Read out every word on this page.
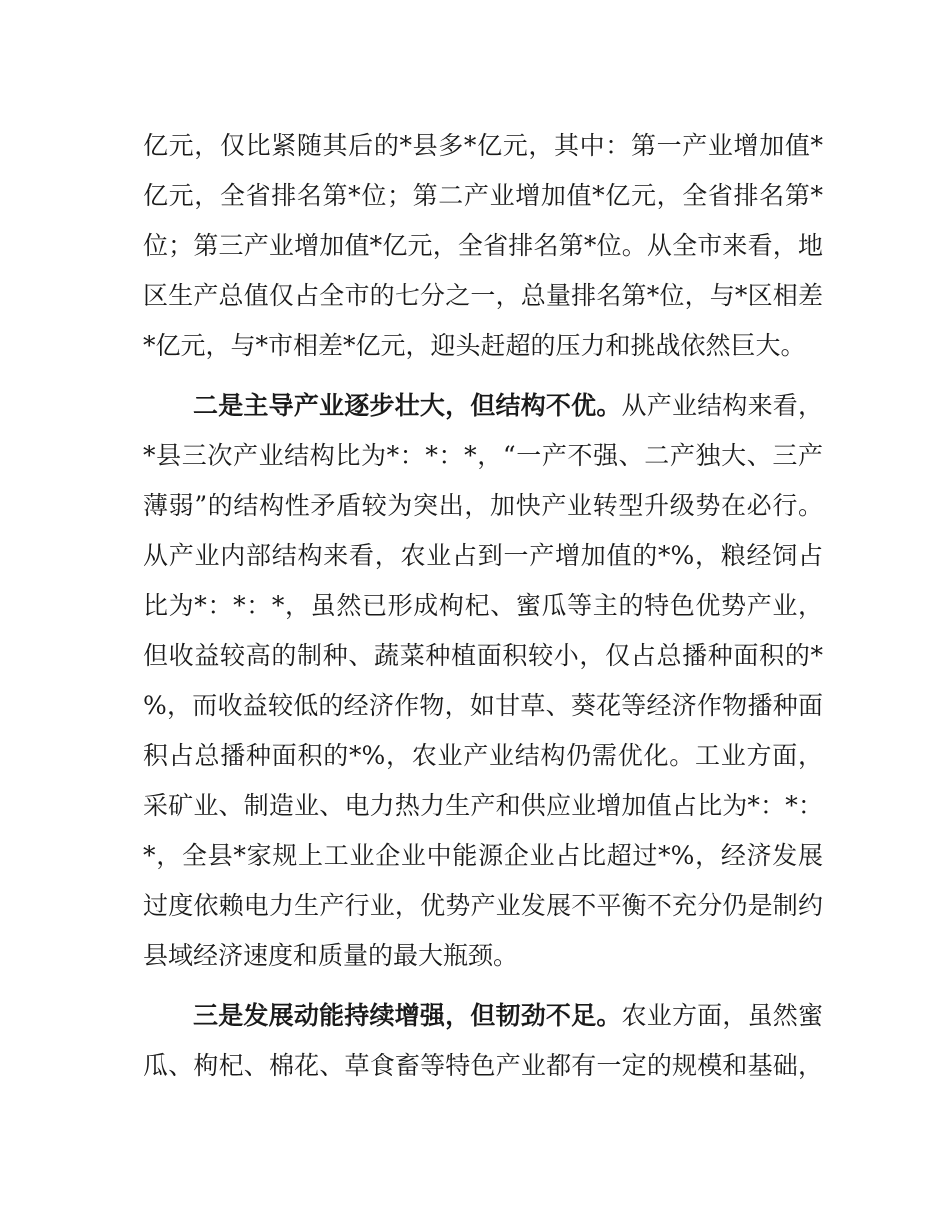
亿元，仅比紧随其后的*县多*亿元，其中：第一产业增加值*
亿元，全省排名第*位；第二产业增加值*亿元，全省排名第*
位；第三产业增加值*亿元，全省排名第*位。从全市来看，地
区生产总值仅占全市的七分之一，总量排名第*位，与*区相差
*亿元，与*市相差*亿元，迎头赶超的压力和挑战依然巨大。
二是主导产业逐步壮大，但结构不优。从产业结构来看，
*县三次产业结构比为*：*：*，“一产不强、二产独大、三产
薄弱”的结构性矛盾较为突出，加快产业转型升级势在必行。
从产业内部结构来看，农业占到一产增加值的*%，粮经饲占
比为*：*：*，虽然已形成枸杞、蜜瓜等主的特色优势产业，
但收益较高的制种、蔬菜种植面积较小，仅占总播种面积的*
%，而收益较低的经济作物，如甘草、葵花等经济作物播种面
积占总播种面积的*%，农业产业结构仍需优化。工业方面，
采矿业、制造业、电力热力生产和供应业增加值占比为*：*：
*，全县*家规上工业企业中能源企业占比超过*%，经济发展
过度依赖电力生产行业，优势产业发展不平衡不充分仍是制约
县域经济速度和质量的最大瓶颈。
三是发展动能持续增强，但韧劲不足。农业方面，虽然蜜
瓜、枸杞、棉花、草食畜等特色产业都有一定的规模和基础，
